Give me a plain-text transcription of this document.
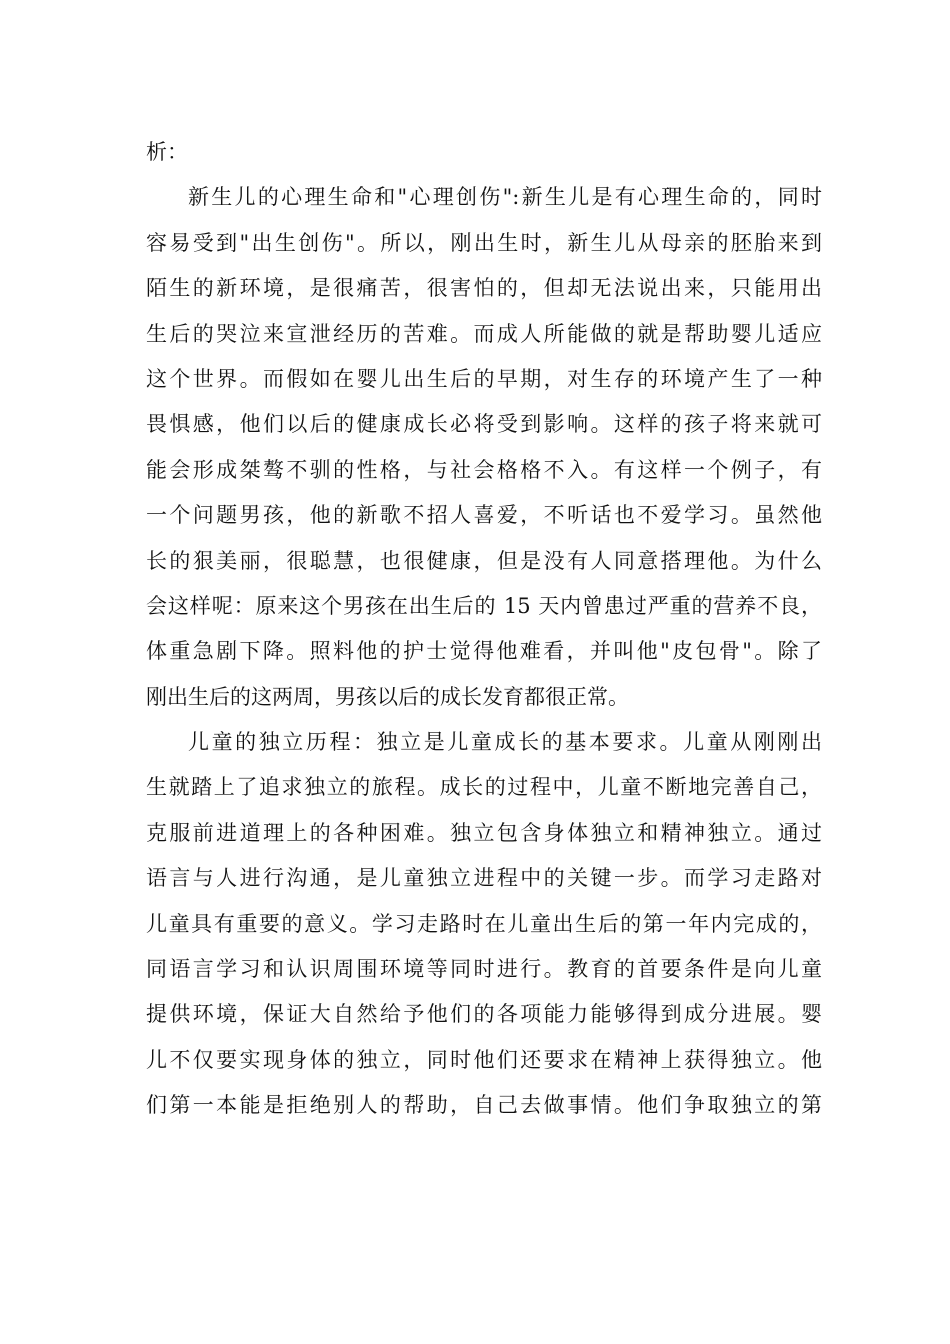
析：
新生儿的心理生命和"心理创伤":新生儿是有心理生命的，同时
容易受到"出生创伤"。所以，刚出生时，新生儿从母亲的胚胎来到
陌生的新环境，是很痛苦，很害怕的，但却无法说出来，只能用出
生后的哭泣来宣泄经历的苦难。而成人所能做的就是帮助婴儿适应
这个世界。而假如在婴儿出生后的早期，对生存的环境产生了一种
畏惧感，他们以后的健康成长必将受到影响。这样的孩子将来就可
能会形成桀骜不驯的性格，与社会格格不入。有这样一个例子，有
一个问题男孩，他的新歌不招人喜爱，不听话也不爱学习。虽然他
长的狠美丽，很聪慧，也很健康，但是没有人同意搭理他。为什么
会这样呢：原来这个男孩在出生后的 15 天内曾患过严重的营养不良，
体重急剧下降。照料他的护士觉得他难看，并叫他"皮包骨"。除了
刚出生后的这两周，男孩以后的成长发育都很正常。
儿童的独立历程：独立是儿童成长的基本要求。儿童从刚刚出
生就踏上了追求独立的旅程。成长的过程中，儿童不断地完善自己，
克服前进道理上的各种困难。独立包含身体独立和精神独立。通过
语言与人进行沟通，是儿童独立进程中的关键一步。而学习走路对
儿童具有重要的意义。学习走路时在儿童出生后的第一年内完成的，
同语言学习和认识周围环境等同时进行。教育的首要条件是向儿童
提供环境，保证大自然给予他们的各项能力能够得到成分进展。婴
儿不仅要实现身体的独立，同时他们还要求在精神上获得独立。他
们第一本能是拒绝别人的帮助，自己去做事情。他们争取独立的第
